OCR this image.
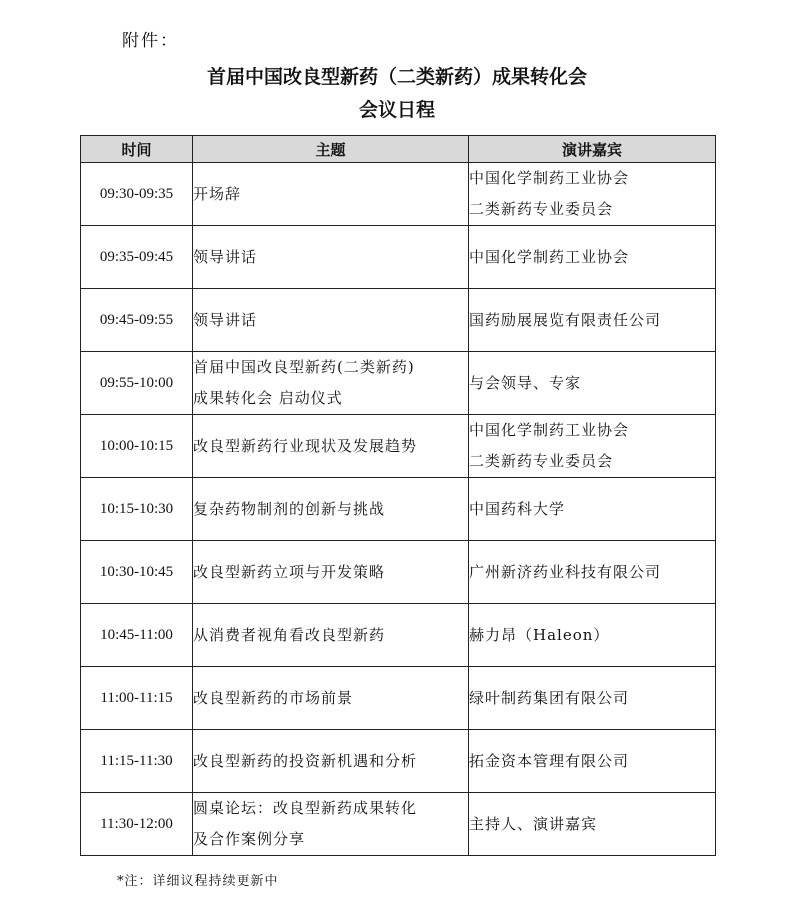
附件：
首届中国改良型新药（二类新药）成果转化会
会议日程
时间	主题	演讲嘉宾
09:30-09:35	开场辞	中国化学制药工业协会
二类新药专业委员会

09:35-09:45	领导讲话	中国化学制药工业协会

09:45-09:55	领导讲话	国药励展展览有限责任公司

09:55-10:00	首届中国改良型新药(二类新药)
成果转化会 启动仪式	与会领导、专家

10:00-10:15	改良型新药行业现状及发展趋势	中国化学制药工业协会
二类新药专业委员会

10:15-10:30	复杂药物制剂的创新与挑战	中国药科大学

10:30-10:45	改良型新药立项与开发策略	广州新济药业科技有限公司

10:45-11:00	从消费者视角看改良型新药	赫力昂（Haleon）

11:00-11:15	改良型新药的市场前景	绿叶制药集团有限公司

11:15-11:30	改良型新药的投资新机遇和分析	拓金资本管理有限公司

11:30-12:00	圆桌论坛：改良型新药成果转化
及合作案例分享	主持人、演讲嘉宾
*注：详细议程持续更新中
